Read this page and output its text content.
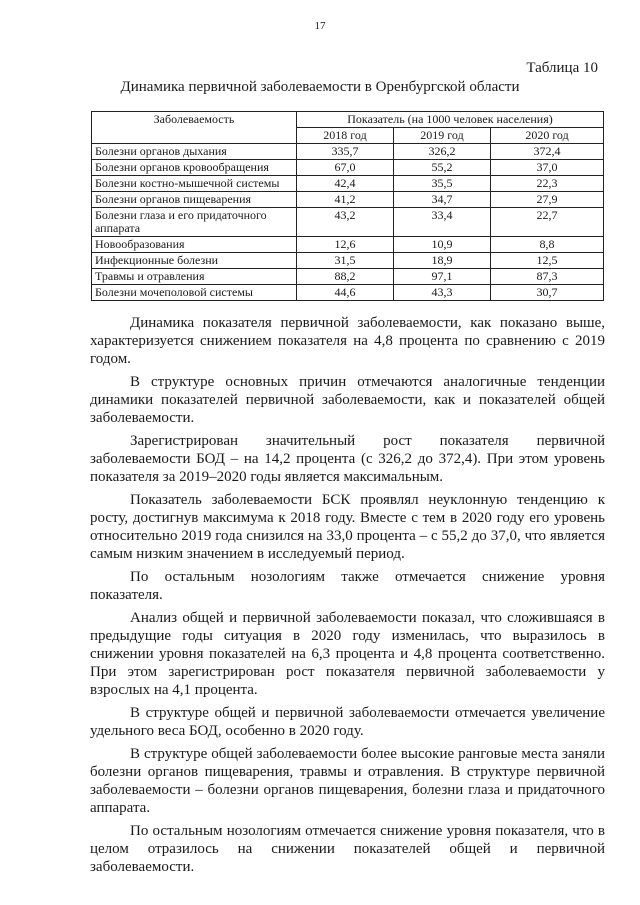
17
Таблица 10
Динамика первичной заболеваемости в Оренбургской области
Заболеваемость	Показатель (на 1000 человек населения)		
	2018 год	2019 год	2020 год
Болезни органов дыхания	335,7	326,2	372,4
Болезни органов кровообращения	67,0	55,2	37,0
Болезни костно-мышечной системы	42,4	35,5	22,3
Болезни органов пищеварения	41,2	34,7	27,9
Болезни глаза и его придаточного аппарата	43,2	33,4	22,7
Новообразования	12,6	10,9	8,8
Инфекционные болезни	31,5	18,9	12,5
Травмы и отравления	88,2	97,1	87,3
Болезни мочеполовой системы	44,6	43,3	30,7

Динамика показателя первичной заболеваемости, как показано выше, характеризуется снижением показателя на 4,8 процента по сравнению с 2019 годом.

В структуре основных причин отмечаются аналогичные тенденции динамики показателей первичной заболеваемости, как и показателей общей заболеваемости.

Зарегистрирован значительный рост показателя первичной заболеваемости БОД – на 14,2 процента (с 326,2 до 372,4). При этом уровень показателя за 2019–2020 годы является максимальным.

Показатель заболеваемости БСК проявлял неуклонную тенденцию к росту, достигнув максимума к 2018 году. Вместе с тем в 2020 году его уровень относительно 2019 года снизился на 33,0 процента – с 55,2 до 37,0, что является самым низким значением в исследуемый период.

По остальным нозологиям также отмечается снижение уровня показателя.

Анализ общей и первичной заболеваемости показал, что сложившаяся в предыдущие годы ситуация в 2020 году изменилась, что выразилось в снижении уровня показателей на 6,3 процента и 4,8 процента соответственно. При этом зарегистрирован рост показателя первичной заболеваемости у взрослых на 4,1 процента.

В структуре общей и первичной заболеваемости отмечается увеличение удельного веса БОД, особенно в 2020 году.

В структуре общей заболеваемости более высокие ранговые места заняли болезни органов пищеварения, травмы и отравления. В структуре первичной заболеваемости – болезни органов пищеварения, болезни глаза и придаточного аппарата.

По остальным нозологиям отмечается снижение уровня показателя, что в целом отразилось на снижении показателей общей и первичной заболеваемости.
